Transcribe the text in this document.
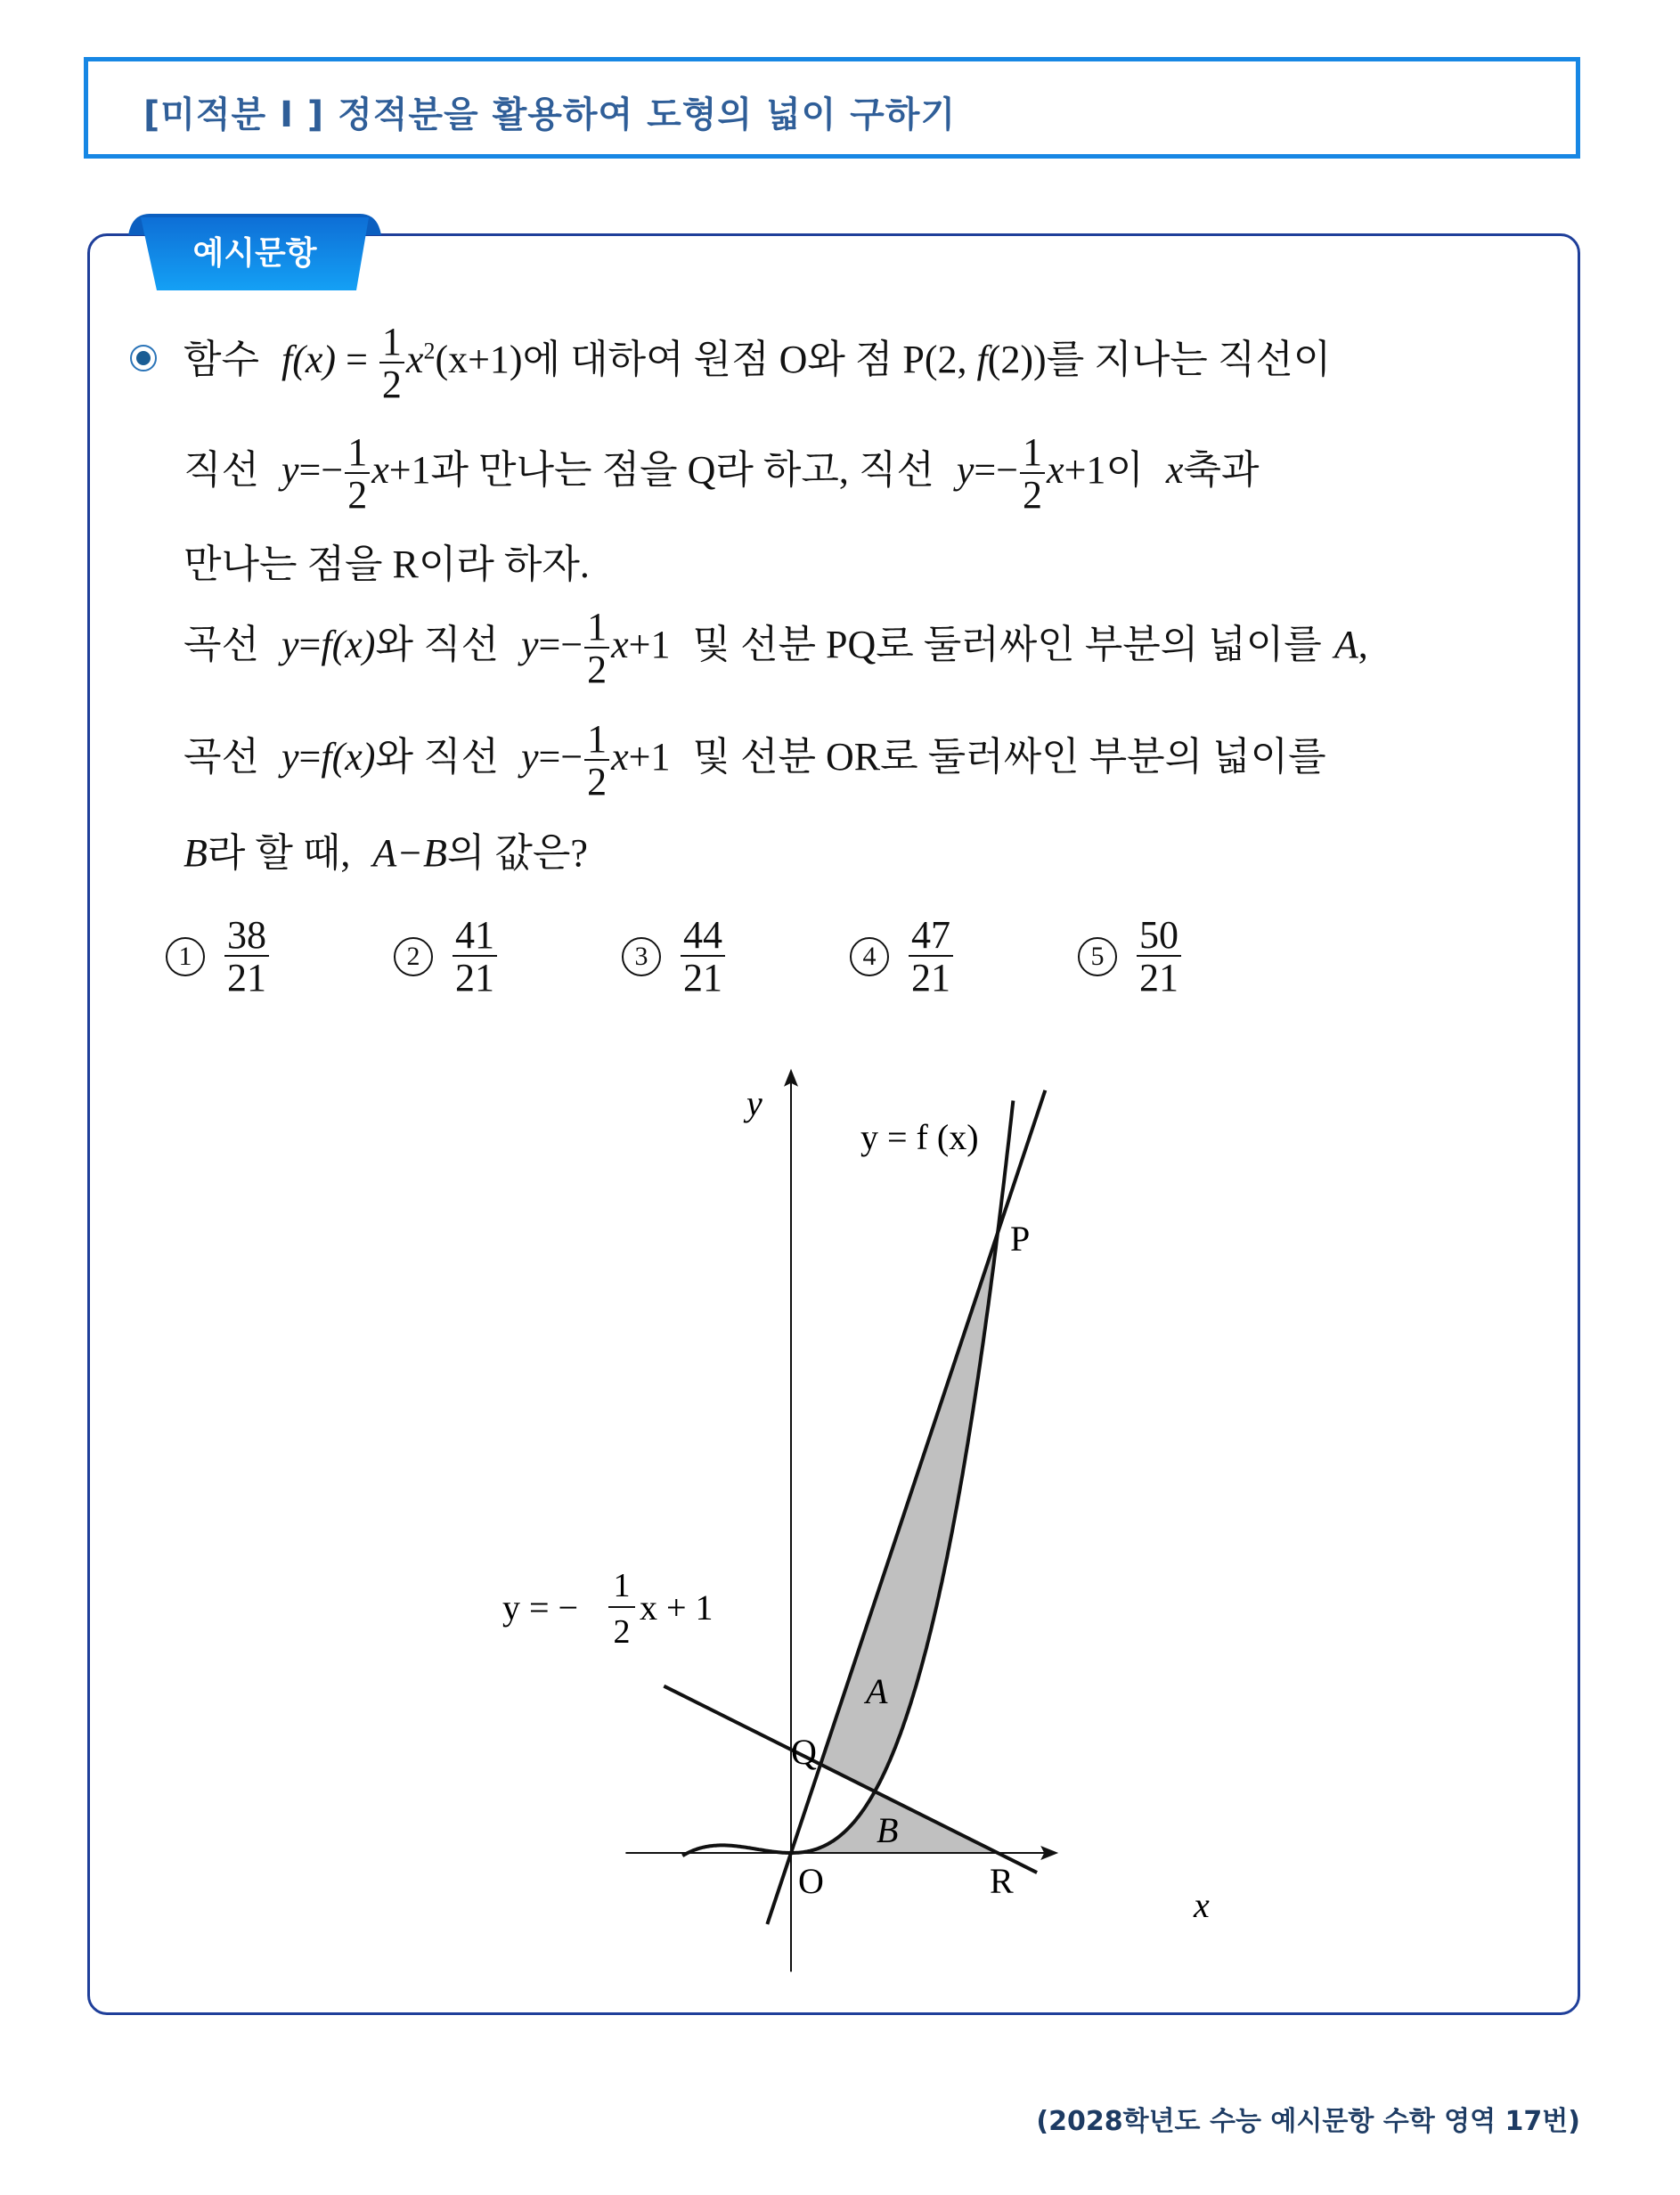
[미적분 I ] 정적분을 활용하여 도형의 넓이 구하기
예시문항
함수 $f(x) = \frac{1}{2} x^2(x+1)$에 대하여 원점 O와 점 P(2, f(2))를 지나는 직선이
직선 $y=- \frac{1}{2} x+1$과 만나는 점을 Q라 하고, 직선 $y=- \frac{1}{2} x+1$이 x축과
만나는 점을 R이라 하자.
곡선 y=f(x)와 직선 $y=- \frac{1}{2} x+1$ 및 선분 PQ로 둘러싸인 부분의 넓이를 A,
곡선 y=f(x)와 직선 $y=- \frac{1}{2} x+1$ 및 선분 OR로 둘러싸인 부분의 넓이를
B라 할 때, A−B의 값은?
$1 \frac{38}{21}$	$2 \frac{41}{21}$	$3 \frac{44}{21}$	$4 \frac{47}{21}$	$5 \frac{50}{21}$
y
x
y = f (x)
y = −
1
2
x + 1
P
Q
O	R
A
B
(2028학년도 수능 예시문항 수학 영역 17번)
